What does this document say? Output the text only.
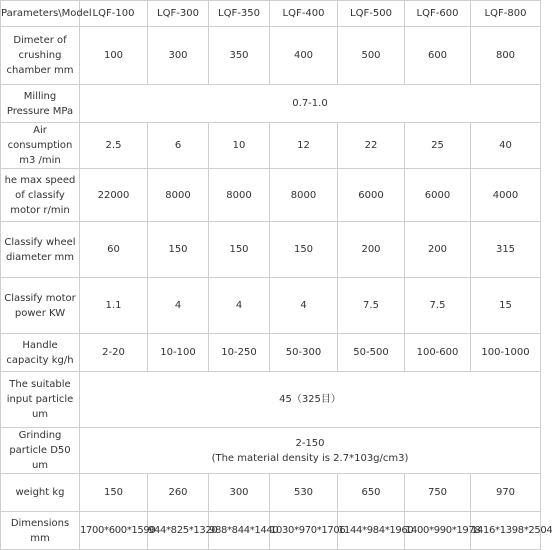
Parameters\Model	LQF-100	LQF-300	LQF-350	LQF-400	LQF-500	LQF-600	LQF-800
Dimeter of crushing chamber mm	100	300	350	400	500	600	800
Milling Pressure MPa	0.7-1.0						
Air consumption m3 /min	2.5	6	10	12	22	25	40
he max speed of classify motor r/min	22000	8000	8000	8000	6000	6000	4000
Classify wheel diameter mm	60	150	150	150	200	200	315
Classify motor power KW	1.1	4	4	4	7.5	7.5	15
Handle capacity kg/h	2-20	10-100	10-250	50-300	50-500	100-600	100-1000
The suitable input particle um	45（325目）						
Grinding particle D50 um	2-150
(The material density is 2.7*103g/cm3)						
weight kg	150	260	300	530	650	750	970
Dimensions mm	1700*600*1590	944*825*1320	988*844*1440	1030*970*1706	1144*984*1960	1400*990*1978	1416*1398*2504
